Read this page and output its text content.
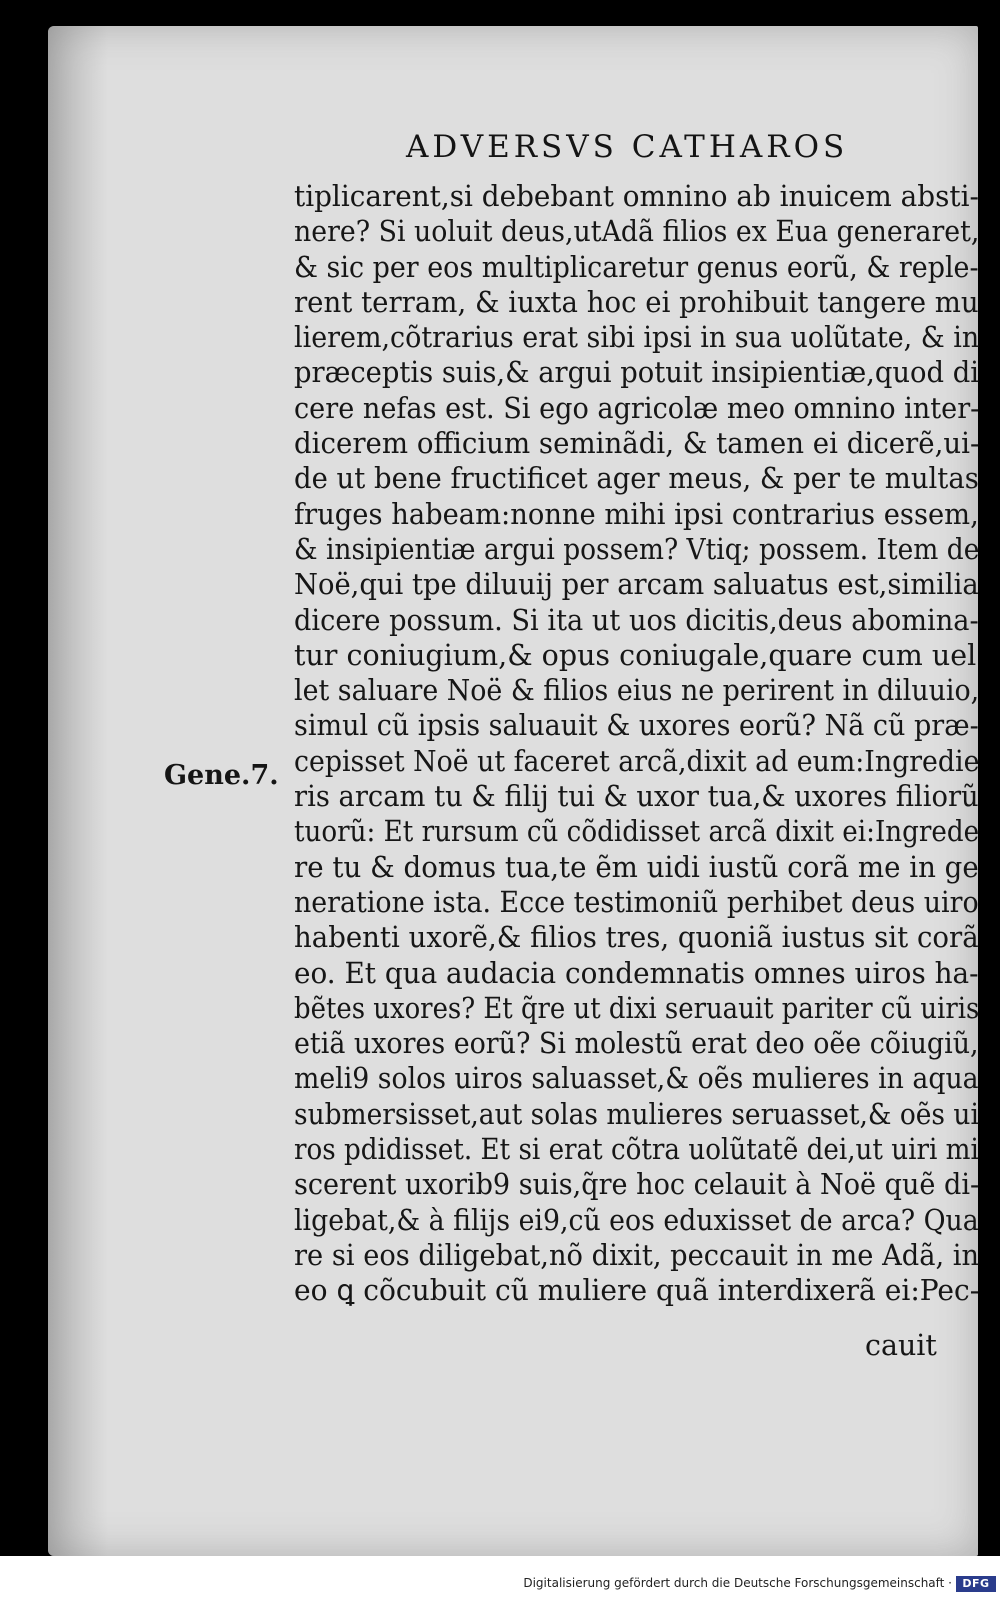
ADVERSVS CATHAROS
Gene.7.
tiplicarent,si debebant omnino ab inuicem absti-
nere? Si uoluit deus,utAdã filios ex Eua generaret,
& sic per eos multiplicaretur genus eorũ, & reple-
rent terram, & iuxta hoc ei prohibuit tangere mu
lierem,cõtrarius erat sibi ipsi in sua uolũtate, & in
præceptis suis,& argui potuit insipientiæ,quod di
cere nefas est. Si ego agricolæ meo omnino inter-
dicerem officium seminãdi, & tamen ei dicerẽ,ui-
de ut bene fructificet ager meus, & per te multas
fruges habeam:nonne mihi ipsi contrarius essem,
& insipientiæ argui possem? Vtiq; possem. Item de
Noë,qui tpe diluuij per arcam saluatus est,similia
dicere possum. Si ita ut uos dicitis,deus abomina-
tur coniugium,& opus coniugale,quare cum uel
let saluare Noë & filios eius ne perirent in diluuio,
simul cũ ipsis saluauit & uxores eorũ? Nã cũ præ-
cepisset Noë ut faceret arcã,dixit ad eum:Ingredie
ris arcam tu & filij tui & uxor tua,& uxores filiorũ
tuorũ: Et rursum cũ cõdidisset arcã dixit ei:Ingrede
re tu & domus tua,te ẽm uidi iustũ corã me in ge
neratione ista. Ecce testimoniũ perhibet deus uiro
habenti uxorẽ,& filios tres, quoniã iustus sit corã
eo. Et qua audacia condemnatis omnes uiros ha-
bẽtes uxores? Et q̃re ut dixi seruauit pariter cũ uiris
etiã uxores eorũ? Si molestũ erat deo oẽe cõiugiũ,
meli9 solos uiros saluasset,& oẽs mulieres in aqua
submersisset,aut solas mulieres seruasset,& oẽs ui
ros pdidisset. Et si erat cõtra uolũtatẽ dei,ut uiri mi
scerent uxorib9 suis,q̃re hoc celauit à Noë quẽ di-
ligebat,& à filijs ei9,cũ eos eduxisset de arca? Qua
re si eos diligebat,nõ dixit, peccauit in me Adã, in
eo ꝗ cõcubuit cũ muliere quã interdixerã ei:Pec-
cauit
Digitalisierung gefördert durch die Deutsche Forschungsgemeinschaft · DFG
